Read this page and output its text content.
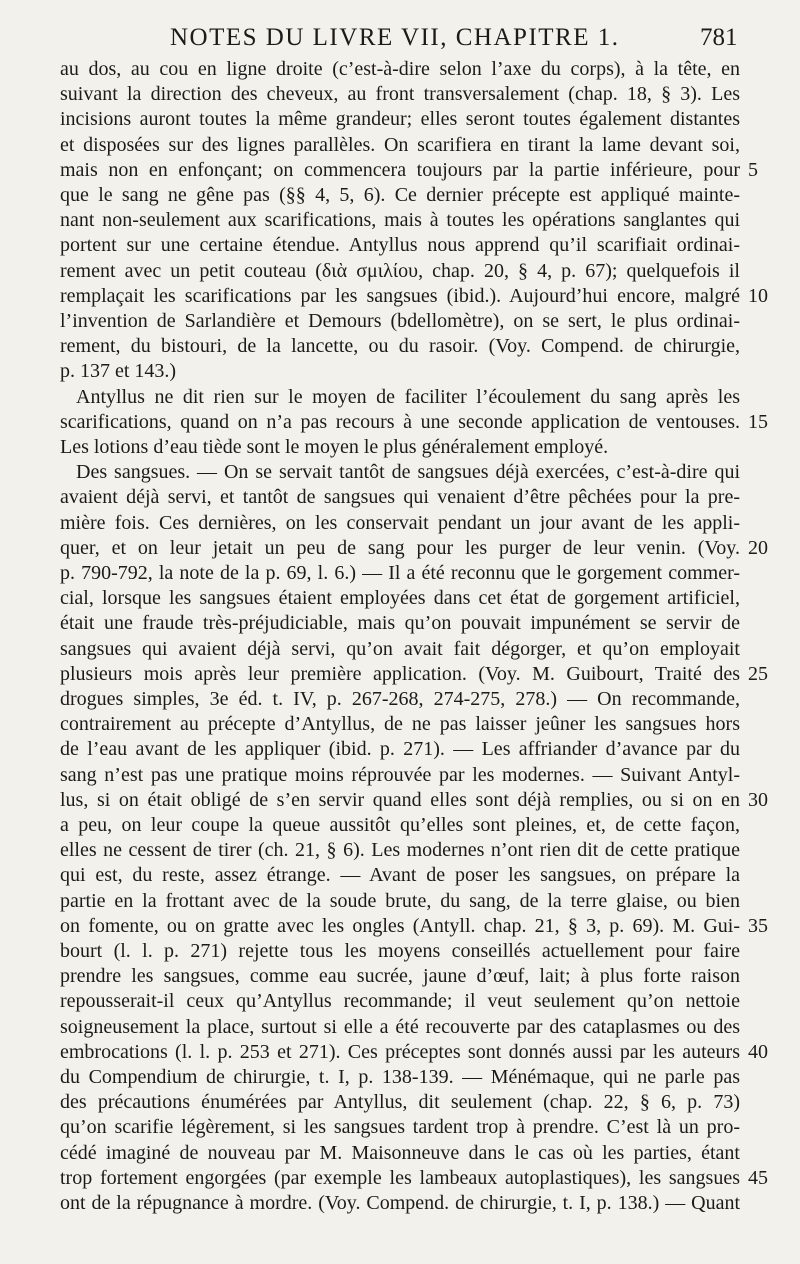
NOTES DU LIVRE VII, CHAPITRE 1.	781
au dos, au cou en ligne droite (c’est-à-dire selon l’axe du corps), à la tête, en
suivant la direction des cheveux, au front transversalement (chap. 18, § 3). Les
incisions auront toutes la même grandeur; elles seront toutes également distantes
et disposées sur des lignes parallèles. On scarifiera en tirant la lame devant soi,
mais non en enfonçant; on commencera toujours par la partie inférieure, pour 5
que le sang ne gêne pas (§§ 4, 5, 6). Ce dernier précepte est appliqué mainte-
nant non-seulement aux scarifications, mais à toutes les opérations sanglantes qui
portent sur une certaine étendue. Antyllus nous apprend qu’il scarifiait ordinai-
rement avec un petit couteau (διὰ σμιλίου, chap. 20, § 4, p. 67); quelquefois il
remplaçait les scarifications par les sangsues (ibid.). Aujourd’hui encore, malgré 10
l’invention de Sarlandière et Demours (bdellomètre), on se sert, le plus ordinai-
rement, du bistouri, de la lancette, ou du rasoir. (Voy. Compend. de chirurgie,
p. 137 et 143.)
Antyllus ne dit rien sur le moyen de faciliter l’écoulement du sang après les
scarifications, quand on n’a pas recours à une seconde application de ventouses. 15
Les lotions d’eau tiède sont le moyen le plus généralement employé.
Des sangsues. — On se servait tantôt de sangsues déjà exercées, c’est-à-dire qui
avaient déjà servi, et tantôt de sangsues qui venaient d’être pêchées pour la pre-
mière fois. Ces dernières, on les conservait pendant un jour avant de les appli-
quer, et on leur jetait un peu de sang pour les purger de leur venin. (Voy. 20
p. 790-792, la note de la p. 69, l. 6.) — Il a été reconnu que le gorgement commer-
cial, lorsque les sangsues étaient employées dans cet état de gorgement artificiel,
était une fraude très-préjudiciable, mais qu’on pouvait impunément se servir de
sangsues qui avaient déjà servi, qu’on avait fait dégorger, et qu’on employait
plusieurs mois après leur première application. (Voy. M. Guibourt, Traité des 25
drogues simples, 3e éd. t. IV, p. 267-268, 274-275, 278.) — On recommande,
contrairement au précepte d’Antyllus, de ne pas laisser jeûner les sangsues hors
de l’eau avant de les appliquer (ibid. p. 271). — Les affriander d’avance par du
sang n’est pas une pratique moins réprouvée par les modernes. — Suivant Antyl-
lus, si on était obligé de s’en servir quand elles sont déjà remplies, ou si on en 30
a peu, on leur coupe la queue aussitôt qu’elles sont pleines, et, de cette façon,
elles ne cessent de tirer (ch. 21, § 6). Les modernes n’ont rien dit de cette pratique
qui est, du reste, assez étrange. — Avant de poser les sangsues, on prépare la
partie en la frottant avec de la soude brute, du sang, de la terre glaise, ou bien
on fomente, ou on gratte avec les ongles (Antyll. chap. 21, § 3, p. 69). M. Gui- 35
bourt (l. l. p. 271) rejette tous les moyens conseillés actuellement pour faire
prendre les sangsues, comme eau sucrée, jaune d’œuf, lait; à plus forte raison
repousserait-il ceux qu’Antyllus recommande; il veut seulement qu’on nettoie
soigneusement la place, surtout si elle a été recouverte par des cataplasmes ou des
embrocations (l. l. p. 253 et 271). Ces préceptes sont donnés aussi par les auteurs 40
du Compendium de chirurgie, t. I, p. 138-139. — Ménémaque, qui ne parle pas
des précautions énumérées par Antyllus, dit seulement (chap. 22, § 6, p. 73)
qu’on scarifie légèrement, si les sangsues tardent trop à prendre. C’est là un pro-
cédé imaginé de nouveau par M. Maisonneuve dans le cas où les parties, étant
trop fortement engorgées (par exemple les lambeaux autoplastiques), les sangsues 45
ont de la répugnance à mordre. (Voy. Compend. de chirurgie, t. I, p. 138.) — Quant
